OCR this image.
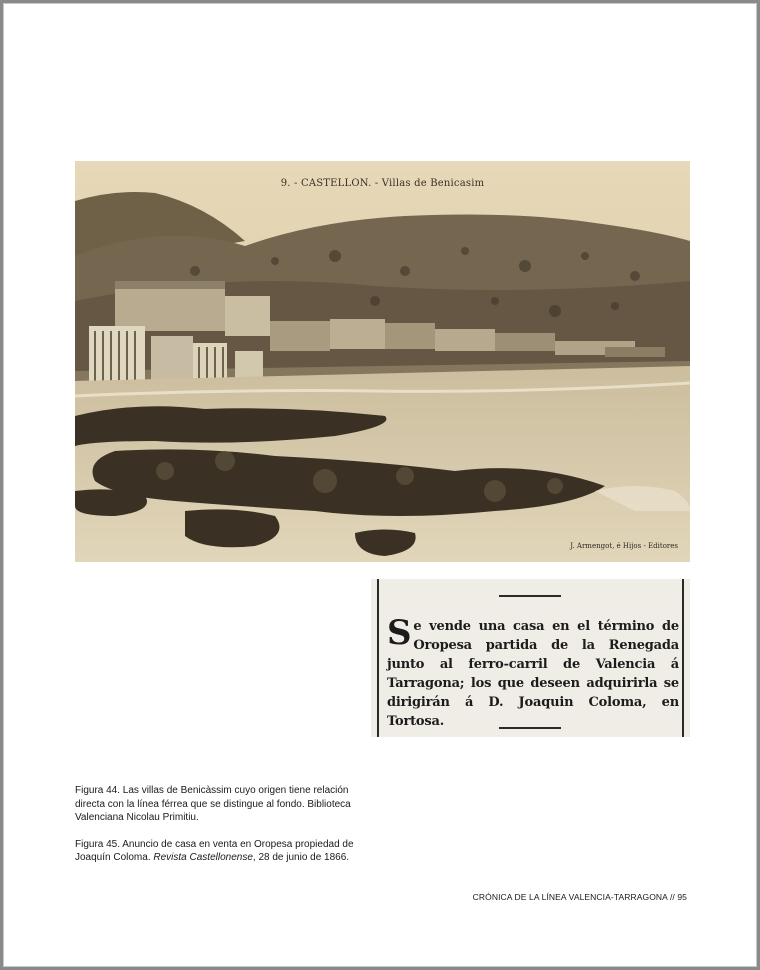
9. - CASTELLON. - Villas de Benicasim
J. Armengot, é Hijos - Editores
Se vende una casa en el término de Oropesa partida de la Renegada junto al ferro-carril de Valencia á Tarragona; los que deseen adquirirla se dirigirán á D. Joaquin Coloma, en Tortosa.

Figura 44. Las villas de Benicàssim cuyo origen tiene relación directa con la línea férrea que se distingue al fondo. Biblioteca Valenciana Nicolau Primitiu.

Figura 45. Anuncio de casa en venta en Oropesa propiedad de Joaquín Coloma. Revista Castellonense, 28 de junio de 1866.

CRÓNICA DE LA LÍNEA VALENCIA-TARRAGONA // 95
